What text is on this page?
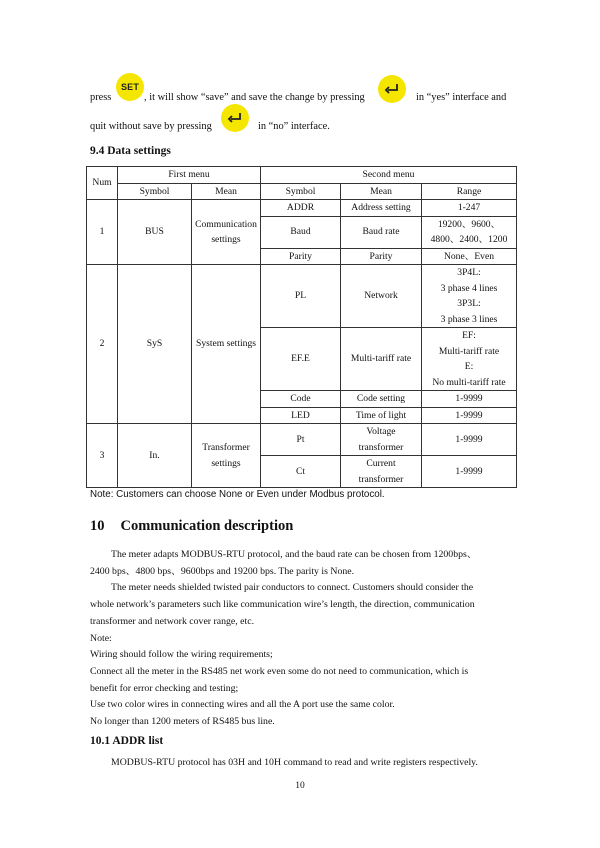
press
SET
, it will show “save” and save the change by pressing	in “yes” interface and
quit without save by pressing	in “no” interface.
9.4 Data settings
Num	First menu		Second menu		
	Symbol	Mean	Symbol	Mean	Range
1	BUS	Communication settings	ADDR	Address setting	1-247
			Baud	Baud rate	19200、9600、4800、2400、1200
			Parity	Parity	None、Even
2	SyS	System settings	PL	Network	3P4L:
3 phase 4 lines
3P3L:
3 phase 3 lines

			EF.E	Multi-tariff rate	EF:
Multi-tariff rate
E:
No multi-tariff rate

			Code	Code setting	1-9999
			LED	Time of light	1-9999
3	In.	Transformer settings	Pt	Voltage transformer	1-9999
			Ct	Current transformer	1-9999
Note: Customers can choose None or Even under Modbus protocol.
10 Communication description

The meter adapts MODBUS-RTU protocol, and the baud rate can be chosen from 1200bps、

2400 bps、4800 bps、9600bps and 19200 bps. The parity is None.

The meter needs shielded twisted pair conductors to connect. Customers should consider the

whole network’s parameters such like communication wire’s length, the direction, communication

transformer and network cover range, etc.

Note:

Wiring should follow the wiring requirements;

Connect all the meter in the RS485 net work even some do not need to communication, which is

benefit for error checking and testing;

Use two color wires in connecting wires and all the A port use the same color.

No longer than 1200 meters of RS485 bus line.

10.1 ADDR list

MODBUS-RTU protocol has 03H and 10H command to read and write registers respectively.

10
